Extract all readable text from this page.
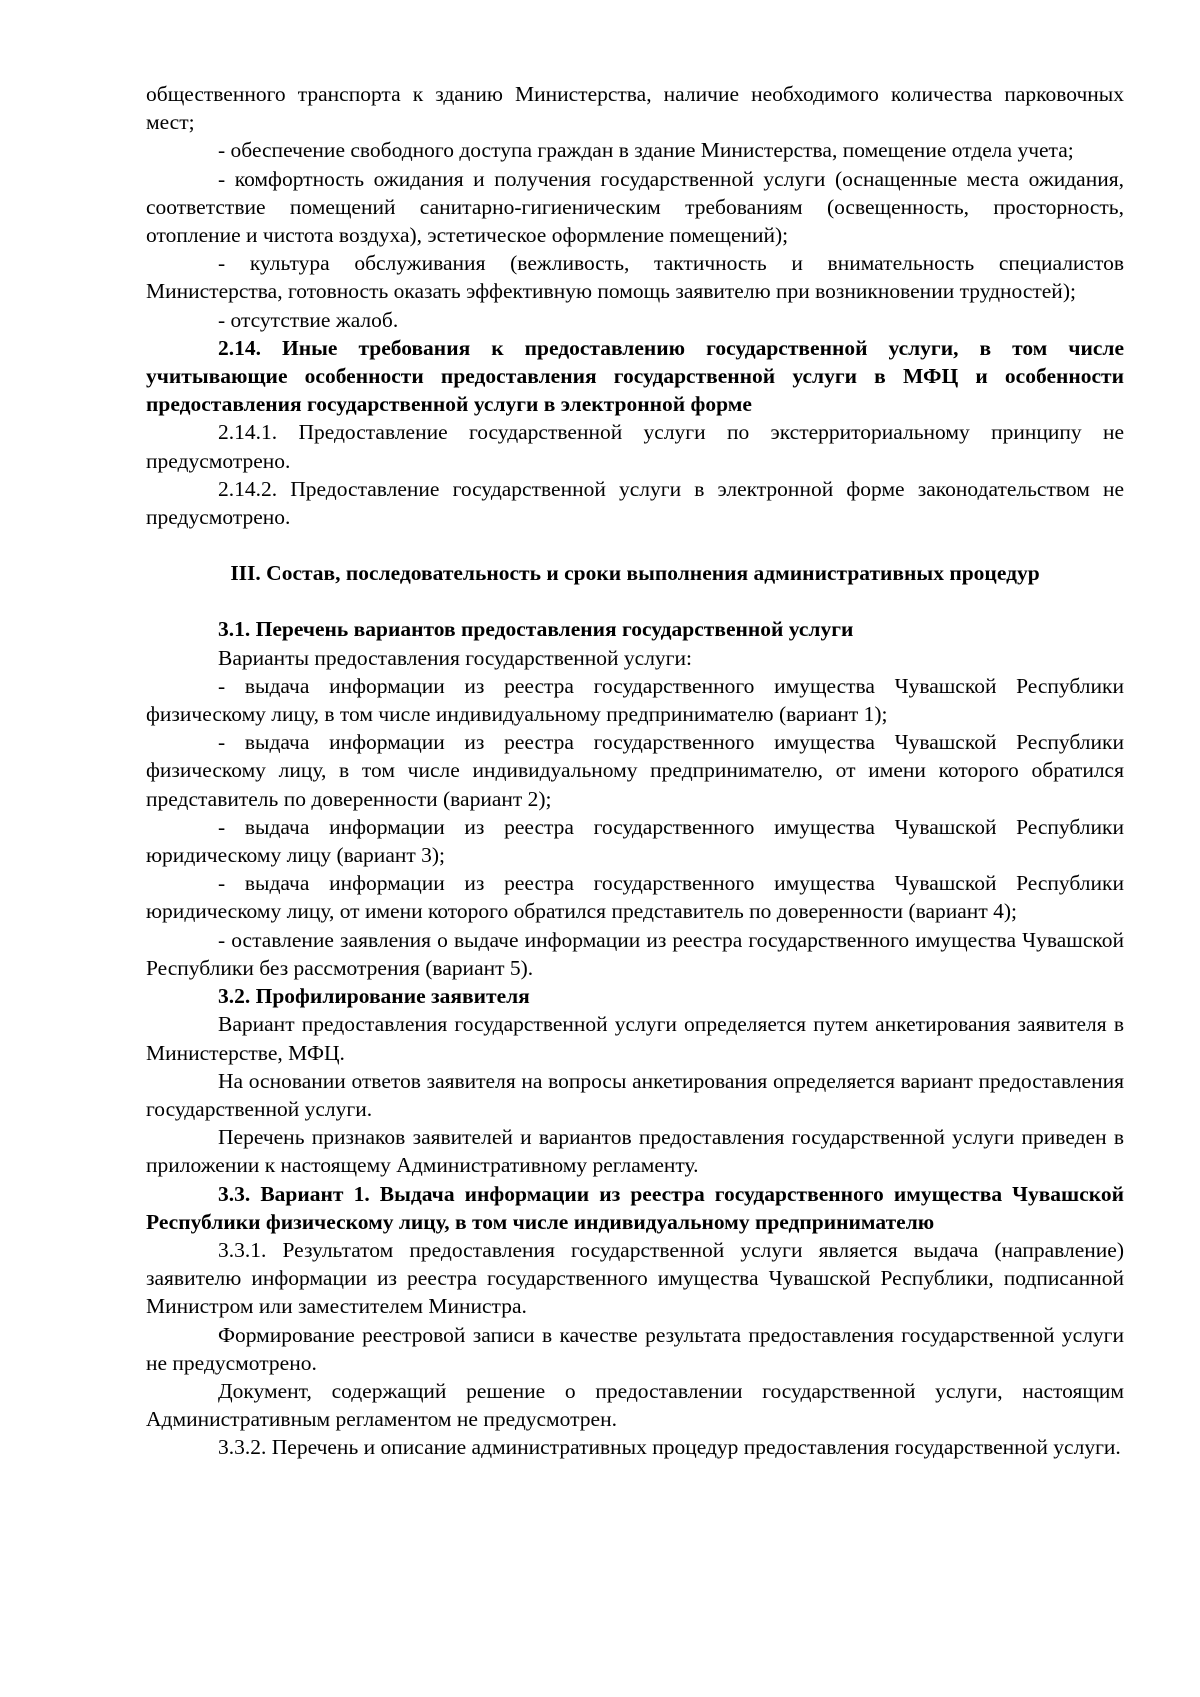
общественного транспорта к зданию Министерства, наличие необходимого количества парковочных мест;

- обеспечение свободного доступа граждан в здание Министерства, помещение отдела учета;

- комфортность ожидания и получения государственной услуги (оснащенные места ожидания, соответствие помещений санитарно-гигиеническим требованиям (освещенность, просторность, отопление и чистота воздуха), эстетическое оформление помещений);

- культура обслуживания (вежливость, тактичность и внимательность специалистов Министерства, готовность оказать эффективную помощь заявителю при возникновении трудностей);

- отсутствие жалоб.

2.14. Иные требования к предоставлению государственной услуги, в том числе учитывающие особенности предоставления государственной услуги в МФЦ и особенности предоставления государственной услуги в электронной форме

2.14.1. Предоставление государственной услуги по экстерриториальному принципу не предусмотрено.

2.14.2. Предоставление государственной услуги в электронной форме законодательством не предусмотрено.

III. Состав, последовательность и сроки выполнения административных процедур

3.1. Перечень вариантов предоставления государственной услуги

Варианты предоставления государственной услуги:

- выдача информации из реестра государственного имущества Чувашской Республики физическому лицу, в том числе индивидуальному предпринимателю (вариант 1);

- выдача информации из реестра государственного имущества Чувашской Республики физическому лицу, в том числе индивидуальному предпринимателю, от имени которого обратился представитель по доверенности (вариант 2);

- выдача информации из реестра государственного имущества Чувашской Республики юридическому лицу (вариант 3);

- выдача информации из реестра государственного имущества Чувашской Республики юридическому лицу, от имени которого обратился представитель по доверенности (вариант 4);

- оставление заявления о выдаче информации из реестра государственного имущества Чувашской Республики без рассмотрения (вариант 5).

3.2. Профилирование заявителя

Вариант предоставления государственной услуги определяется путем анкетирования заявителя в Министерстве, МФЦ.

На основании ответов заявителя на вопросы анкетирования определяется вариант предоставления государственной услуги.

Перечень признаков заявителей и вариантов предоставления государственной услуги приведен в приложении к настоящему Административному регламенту.

3.3. Вариант 1. Выдача информации из реестра государственного имущества Чувашской Республики физическому лицу, в том числе индивидуальному предпринимателю

3.3.1. Результатом предоставления государственной услуги является выдача (направление) заявителю информации из реестра государственного имущества Чувашской Республики, подписанной Министром или заместителем Министра.

Формирование реестровой записи в качестве результата предоставления государственной услуги не предусмотрено.

Документ, содержащий решение о предоставлении государственной услуги, настоящим Административным регламентом не предусмотрен.

3.3.2. Перечень и описание административных процедур предоставления государственной услуги.
